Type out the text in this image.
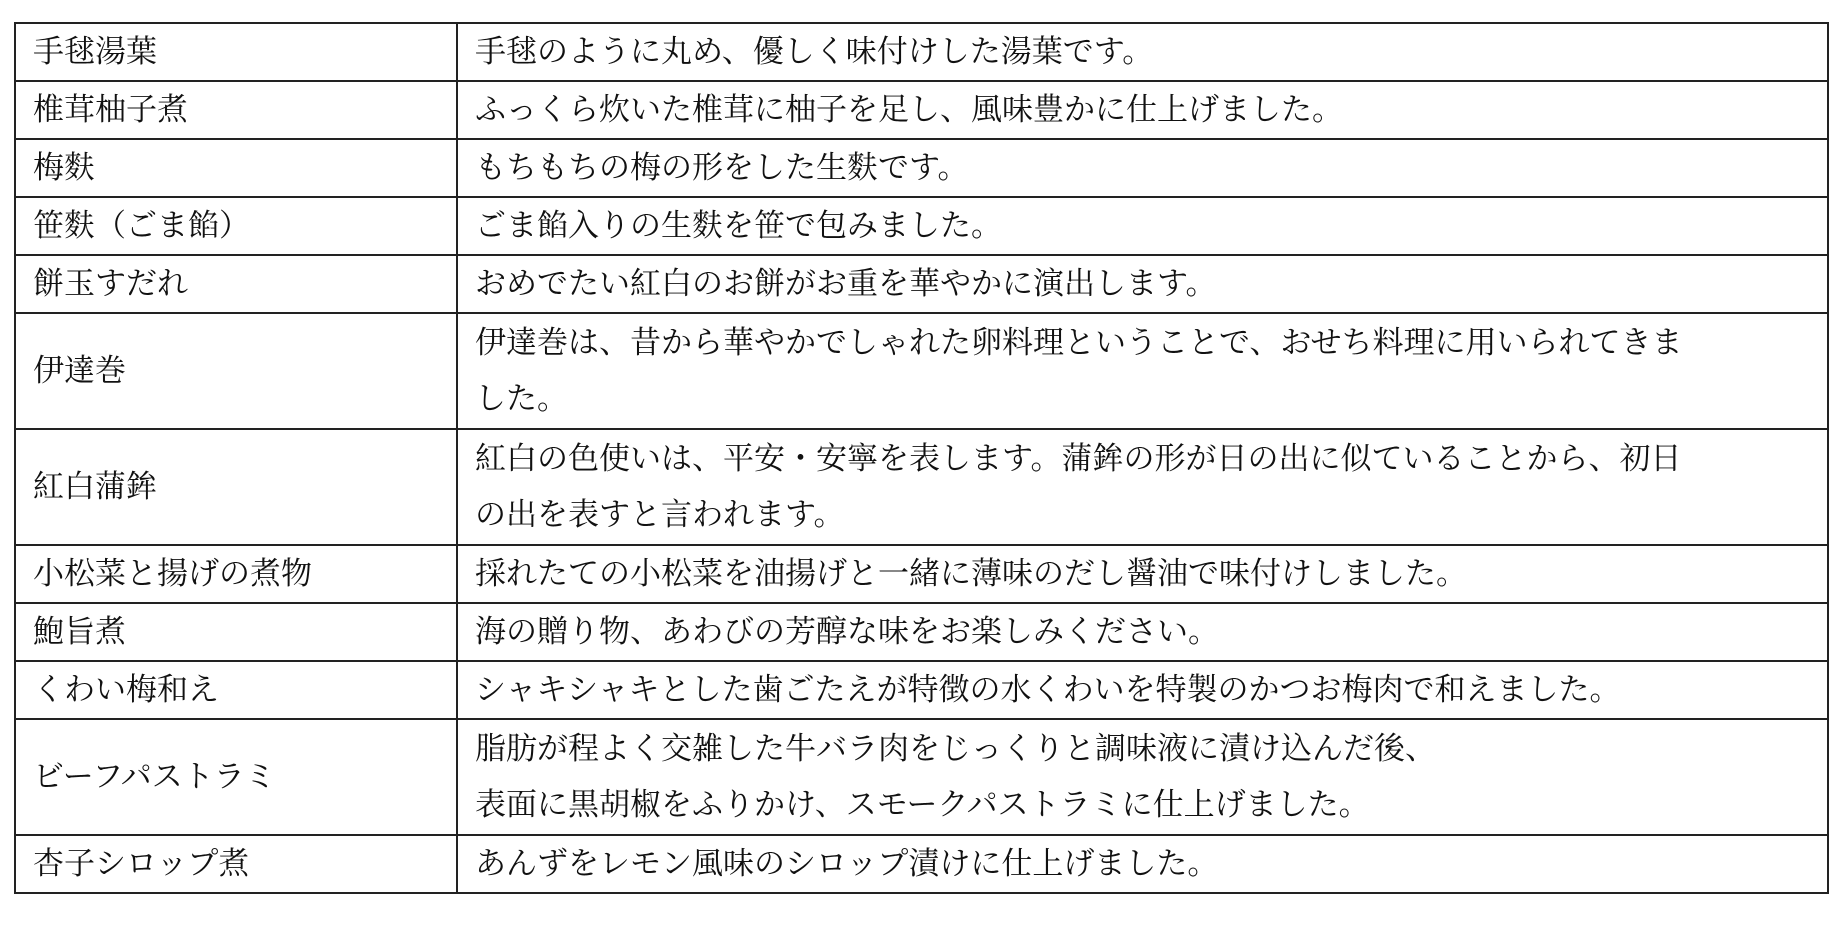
手毬湯葉	手毬のように丸め、優しく味付けした湯葉です。

椎茸柚子煮	ふっくら炊いた椎茸に柚子を足し、風味豊かに仕上げました。

梅麩	もちもちの梅の形をした生麩です。

笹麩（ごま餡）	ごま餡入りの生麩を笹で包みました。

餅玉すだれ	おめでたい紅白のお餅がお重を華やかに演出します。

伊達巻	伊達巻は、昔から華やかでしゃれた卵料理ということで、おせち料理に用いられてきま
した。

紅白蒲鉾	紅白の色使いは、平安・安寧を表します。蒲鉾の形が日の出に似ていることから、初日
の出を表すと言われます。

小松菜と揚げの煮物	採れたての小松菜を油揚げと一緒に薄味のだし醤油で味付けしました。

鮑旨煮	海の贈り物、あわびの芳醇な味をお楽しみください。

くわい梅和え	シャキシャキとした歯ごたえが特徴の水くわいを特製のかつお梅肉で和えました。

ビーフパストラミ	脂肪が程よく交雑した牛バラ肉をじっくりと調味液に漬け込んだ後、
表面に黒胡椒をふりかけ、スモークパストラミに仕上げました。

杏子シロップ煮	あんずをレモン風味のシロップ漬けに仕上げました。
